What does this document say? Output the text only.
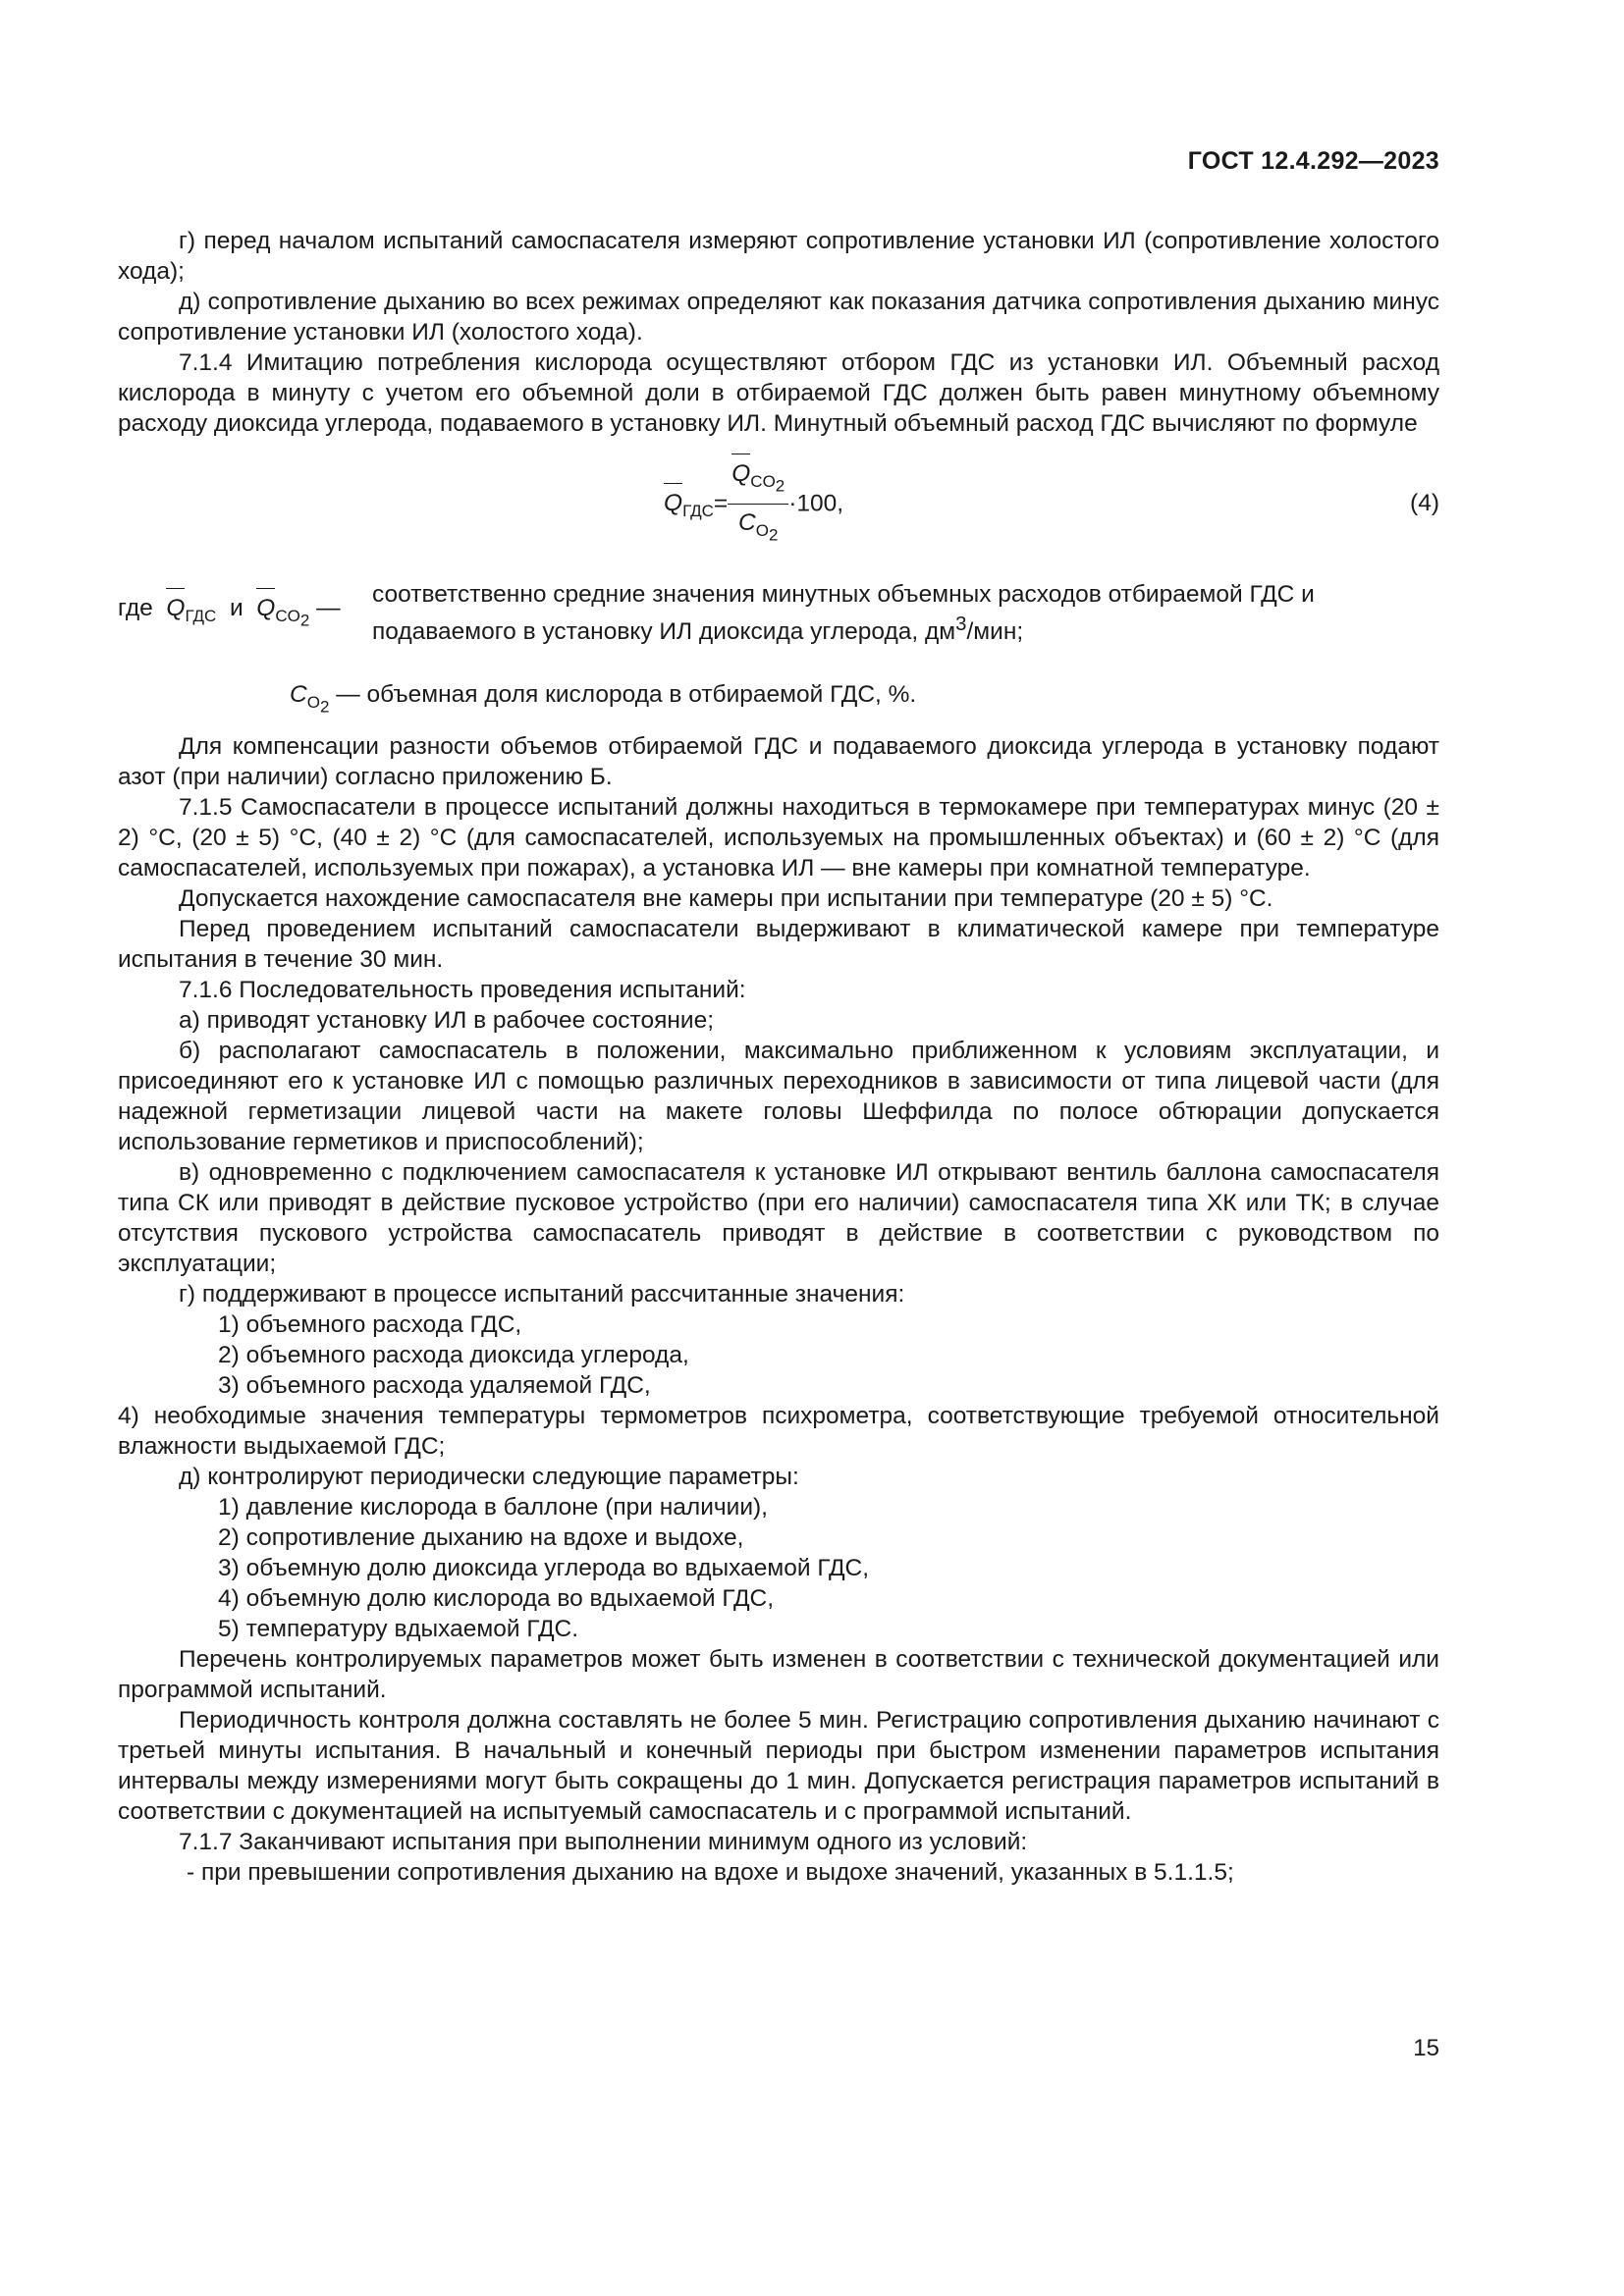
ГОСТ 12.4.292—2023

г) перед началом испытаний самоспасателя измеряют сопротивление установки ИЛ (сопротивление холостого хода);

д) сопротивление дыханию во всех режимах определяют как показания датчика сопротивления дыханию минус сопротивление установки ИЛ (холостого хода).

7.1.4 Имитацию потребления кислорода осуществляют отбором ГДС из установки ИЛ. Объемный расход кислорода в минуту с учетом его объемной доли в отбираемой ГДС должен быть равен минутному объемному расходу диоксида углерода, подаваемого в установку ИЛ. Минутный объемный расход ГДС вычисляют по формуле

$Q_{ГДС}= \frac{Q_{CO_2}}{C_{O_2}} \cdot 100$,	(4)
где $Q_{ГДС}$ и $Q_{CO_2}$ —
соответственно средние значения минутных объемных расходов отбираемой ГДС и подаваемого в установку ИЛ диоксида углерода, $дм^3$/мин;
$C_{O_2}$ — объемная доля кислорода в отбираемой ГДС, %.

Для компенсации разности объемов отбираемой ГДС и подаваемого диоксида углерода в установку подают азот (при наличии) согласно приложению Б.

7.1.5 Самоспасатели в процессе испытаний должны находиться в термокамере при температурах минус (20 ± 2) °С, (20 ± 5) °С, (40 ± 2) °С (для самоспасателей, используемых на промышленных объектах) и (60 ± 2) °С (для самоспасателей, используемых при пожарах), а установка ИЛ — вне камеры при комнатной температуре.

Допускается нахождение самоспасателя вне камеры при испытании при температуре (20 ± 5) °С.

Перед проведением испытаний самоспасатели выдерживают в климатической камере при температуре испытания в течение 30 мин.

7.1.6 Последовательность проведения испытаний:

а) приводят установку ИЛ в рабочее состояние;

б) располагают самоспасатель в положении, максимально приближенном к условиям эксплуатации, и присоединяют его к установке ИЛ с помощью различных переходников в зависимости от типа лицевой части (для надежной герметизации лицевой части на макете головы Шеффилда по полосе обтюрации допускается использование герметиков и приспособлений);

в) одновременно с подключением самоспасателя к установке ИЛ открывают вентиль баллона самоспасателя типа СК или приводят в действие пусковое устройство (при его наличии) самоспасателя типа ХК или ТК; в случае отсутствия пускового устройства самоспасатель приводят в действие в соответствии с руководством по эксплуатации;

г) поддерживают в процессе испытаний рассчитанные значения:

1) объемного расхода ГДС,

2) объемного расхода диоксида углерода,

3) объемного расхода удаляемой ГДС,

4) необходимые значения температуры термометров психрометра, соответствующие требуемой относительной влажности выдыхаемой ГДС;

д) контролируют периодически следующие параметры:

1) давление кислорода в баллоне (при наличии),

2) сопротивление дыханию на вдохе и выдохе,

3) объемную долю диоксида углерода во вдыхаемой ГДС,

4) объемную долю кислорода во вдыхаемой ГДС,

5) температуру вдыхаемой ГДС.

Перечень контролируемых параметров может быть изменен в соответствии с технической документацией или программой испытаний.

Периодичность контроля должна составлять не более 5 мин. Регистрацию сопротивления дыханию начинают с третьей минуты испытания. В начальный и конечный периоды при быстром изменении параметров испытания интервалы между измерениями могут быть сокращены до 1 мин. Допускается регистрация параметров испытаний в соответствии с документацией на испытуемый самоспасатель и с программой испытаний.

7.1.7 Заканчивают испытания при выполнении минимум одного из условий:

- при превышении сопротивления дыханию на вдохе и выдохе значений, указанных в 5.1.1.5;

15
